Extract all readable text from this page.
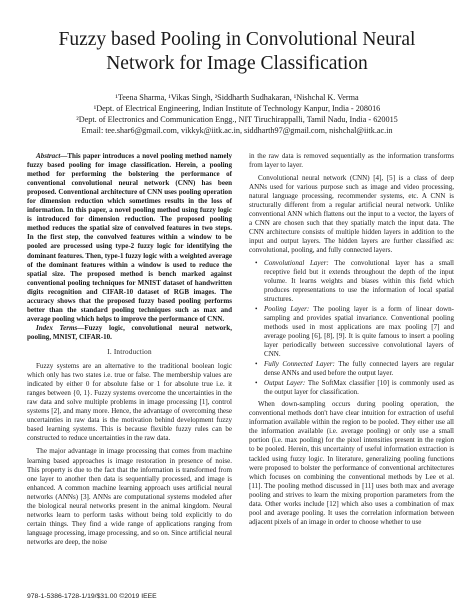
Fuzzy based Pooling in Convolutional Neural Network for Image Classification
¹Teena Sharma, ¹Vikas Singh, ²Siddharth Sudhakaran, ¹Nishchal K. Verma
¹Dept. of Electrical Engineering, Indian Institute of Technology Kanpur, India - 208016
²Dept. of Electronics and Communication Engg., NIT Tiruchirappalli, Tamil Nadu, India - 620015
Email: tee.shar6@gmail.com, vikkyk@iitk.ac.in, siddharth97@gmail.com, nishchal@iitk.ac.in

Abstract—This paper introduces a novel pooling method namely fuzzy based pooling for image classification. Herein, a pooling method for performing the bolstering the performance of conventional convolutional neural network (CNN) has been proposed. Conventional architecture of CNN uses pooling operation for dimension reduction which sometimes results in the loss of information. In this paper, a novel pooling method using fuzzy logic is introduced for dimension reduction. The proposed pooling method reduces the spatial size of convolved features in two steps. In the first step, the convolved features within a window to be pooled are processed using type-2 fuzzy logic for identifying the dominant features. Then, type-1 fuzzy logic with a weighted average of the dominant features within a window is used to reduce the spatial size. The proposed method is bench marked against conventional pooling techniques for MNIST dataset of handwritten digits recognition and CIFAR-10 dataset of RGB images. The accuracy shows that the proposed fuzzy based pooling performs better than the standard pooling techniques such as max and average pooling which helps to improve the performance of CNN.

Index Terms—Fuzzy logic, convolutional neural network, pooling, MNIST, CIFAR-10.

I. Introduction

Fuzzy systems are an alternative to the traditional boolean logic which only has two states i.e. true or false. The membership values are indicated by either 0 for absolute false or 1 for absolute true i.e. it ranges between {0, 1}. Fuzzy systems overcome the uncertainties in the raw data and solve multiple problems in image processing [1], control systems [2], and many more. Hence, the advantage of overcoming these uncertainties in raw data is the motivation behind development fuzzy based learning systems. This is because flexible fuzzy rules can be constructed to reduce uncertainties in the raw data.

The major advantage in image processing that comes from machine learning based approaches is image restoration in presence of noise. This property is due to the fact that the information is transformed from one layer to another then data is sequentially processed, and image is enhanced. A common machine learning approach uses artificial neural networks (ANNs) [3]. ANNs are computational systems modeled after the biological neural networks present in the animal kingdom. Neural networks learn to perform tasks without being told explicitly to do certain things. They find a wide range of applications ranging from language processing, image processing, and so on. Since artificial neural networks are deep, the noise

in the raw data is removed sequentially as the information transforms from layer to layer.

Convolutional neural network (CNN) [4], [5] is a class of deep ANNs used for various purpose such as image and video processing, natural language processing, recommender systems, etc. A CNN is structurally different from a regular artificial neural network. Unlike conventional ANN which flattens out the input to a vector, the layers of a CNN are chosen such that they spatially match the input data. The CNN architecture consists of multiple hidden layers in addition to the input and output layers. The hidden layers are further classified as: convolutional, pooling, and fully connected layers.

• Convolutional Layer: The convolutional layer has a small receptive field but it extends throughout the depth of the input volume. It learns weights and biases within this field which produces representations to use the information of local spatial structures.
• Pooling Layer: The pooling layer is a form of linear down-sampling and provides spatial invariance. Conventional pooling methods used in most applications are max pooling [7] and average pooling [6], [8], [9]. It is quite famous to insert a pooling layer periodically between successive convolutional layers of CNN.
• Fully Connected Layer: The fully connected layers are regular dense ANNs and used before the output layer.
• Output Layer: The SoftMax classifier [10] is commonly used as the output layer for classification.

When down-sampling occurs during pooling operation, the conventional methods don't have clear intuition for extraction of useful information available within the region to be pooled. They either use all the information available (i.e. average pooling) or only use a small portion (i.e. max pooling) for the pixel intensities present in the region to be pooled. Herein, this uncertainty of useful information extraction is tackled using fuzzy logic. In literature, generalizing pooling functions were proposed to bolster the performance of conventional architectures which focuses on combining the conventional methods by Lee et al. [11]. The pooling method discussed in [11] uses both max and average pooling and strives to learn the mixing proportion parameters from the data. Other works include [12] which also uses a combination of max pool and average pooling. It uses the correlation information between adjacent pixels of an image in order to choose whether to use

978-1-5386-1728-1/19/$31.00 ©2019 IEEE
